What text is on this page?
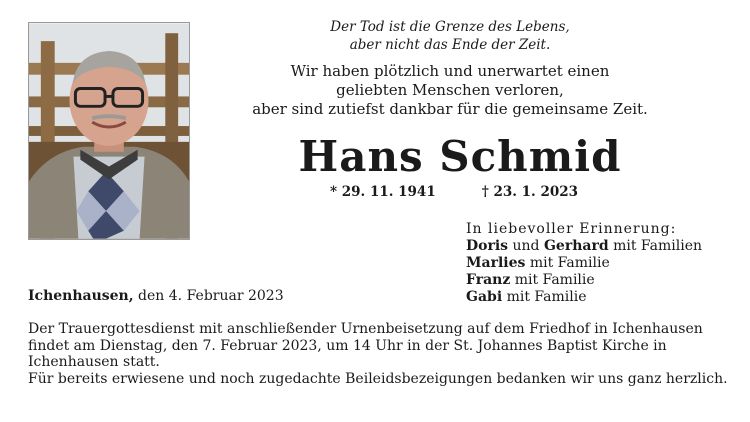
Der Tod ist die Grenze des Lebens,
aber nicht das Ende der Zeit.
Wir haben plötzlich und unerwartet einen
geliebten Menschen verloren,
aber sind zutiefst dankbar für die gemeinsame Zeit.
Hans Schmid
* 29. 11. 1941	† 23. 1. 2023
In liebevoller Erinnerung:
Doris und Gerhard mit Familien
Marlies mit Familie
Franz mit Familie
Gabi mit Familie
Ichenhausen, den 4. Februar 2023

Der Trauergottesdienst mit anschließender Urnenbeisetzung auf dem Friedhof in Ichenhausen findet am Dienstag, den 7. Februar 2023, um 14 Uhr in der St. Johannes Baptist Kirche in Ichenhausen statt.

Für bereits erwiesene und noch zugedachte Beileidsbezeigungen bedanken wir uns ganz herzlich.
